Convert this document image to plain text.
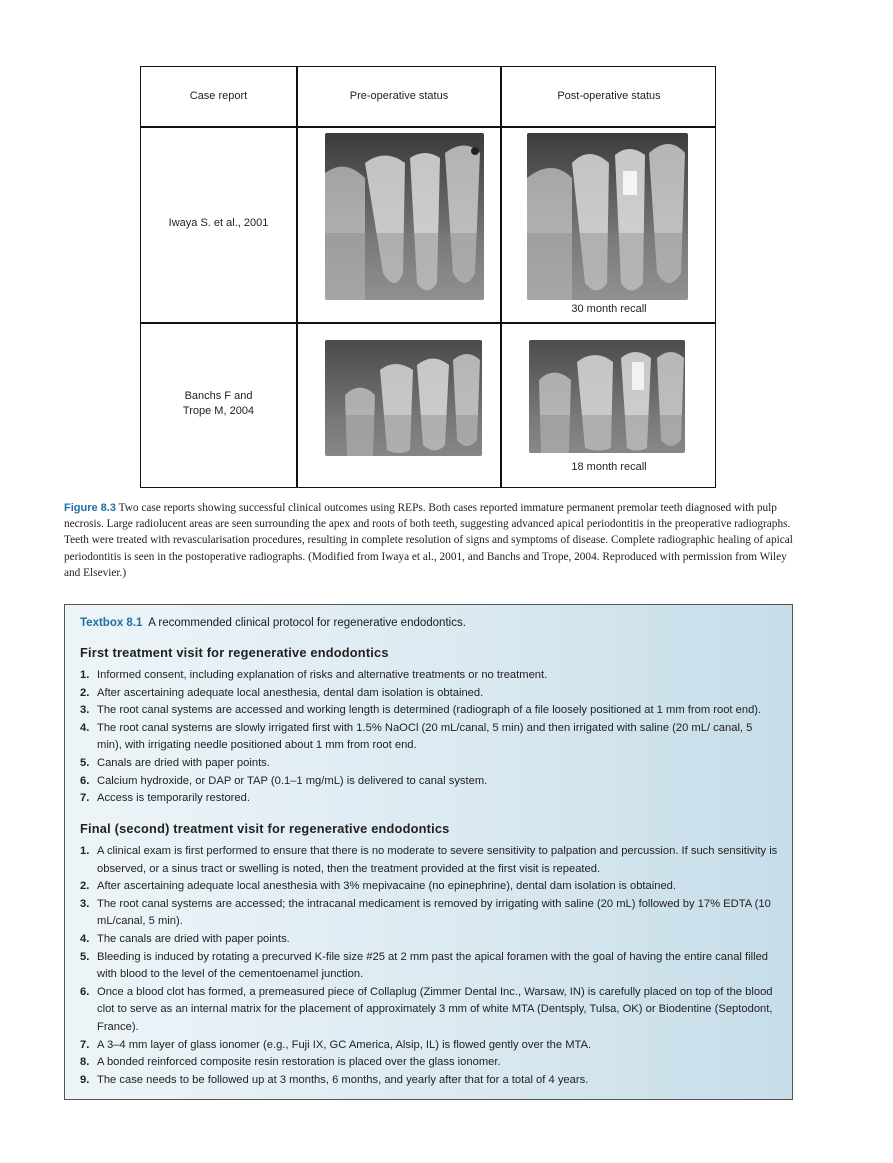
Case report	Pre-operative status	Post-operative status
Iwaya S. et al., 2001
Banchs F and
Trope M, 2004
30 month recall
18 month recall
Figure 8.3 Two case reports showing successful clinical outcomes using REPs. Both cases reported immature permanent premolar teeth diagnosed with pulp necrosis. Large radiolucent areas are seen surrounding the apex and roots of both teeth, suggesting advanced apical periodontitis in the preoperative radiographs. Teeth were treated with revascularisation procedures, resulting in complete resolution of signs and symptoms of disease. Complete radiographic healing of apical periodontitis is seen in the postoperative radiographs. (Modified from Iwaya et al., 2001, and Banchs and Trope, 2004. Reproduced with permission from Wiley and Elsevier.)
Textbox 8.1 A recommended clinical protocol for regenerative endodontics.
First treatment visit for regenerative endodontics
1. Informed consent, including explanation of risks and alternative treatments or no treatment.
2. After ascertaining adequate local anesthesia, dental dam isolation is obtained.
3. The root canal systems are accessed and working length is determined (radiograph of a file loosely positioned at 1 mm from root end).
4. The root canal systems are slowly irrigated first with 1.5% NaOCl (20 mL/canal, 5 min) and then irrigated with saline (20 mL/ canal, 5 min), with irrigating needle positioned about 1 mm from root end.
5. Canals are dried with paper points.
6. Calcium hydroxide, or DAP or TAP (0.1–1 mg/mL) is delivered to canal system.
7. Access is temporarily restored.
Final (second) treatment visit for regenerative endodontics
1. A clinical exam is first performed to ensure that there is no moderate to severe sensitivity to palpation and percussion. If such sensitivity is observed, or a sinus tract or swelling is noted, then the treatment provided at the first visit is repeated.
2. After ascertaining adequate local anesthesia with 3% mepivacaine (no epinephrine), dental dam isolation is obtained.
3. The root canal systems are accessed; the intracanal medicament is removed by irrigating with saline (20 mL) followed by 17% EDTA (10 mL/canal, 5 min).
4. The canals are dried with paper points.
5. Bleeding is induced by rotating a precurved K-file size #25 at 2 mm past the apical foramen with the goal of having the entire canal filled with blood to the level of the cementoenamel junction.
6. Once a blood clot has formed, a premeasured piece of Collaplug (Zimmer Dental Inc., Warsaw, IN) is carefully placed on top of the blood clot to serve as an internal matrix for the placement of approximately 3 mm of white MTA (Dentsply, Tulsa, OK) or Biodentine (Septodont, France).
7. A 3–4 mm layer of glass ionomer (e.g., Fuji IX, GC America, Alsip, IL) is flowed gently over the MTA.
8. A bonded reinforced composite resin restoration is placed over the glass ionomer.
9. The case needs to be followed up at 3 months, 6 months, and yearly after that for a total of 4 years.
